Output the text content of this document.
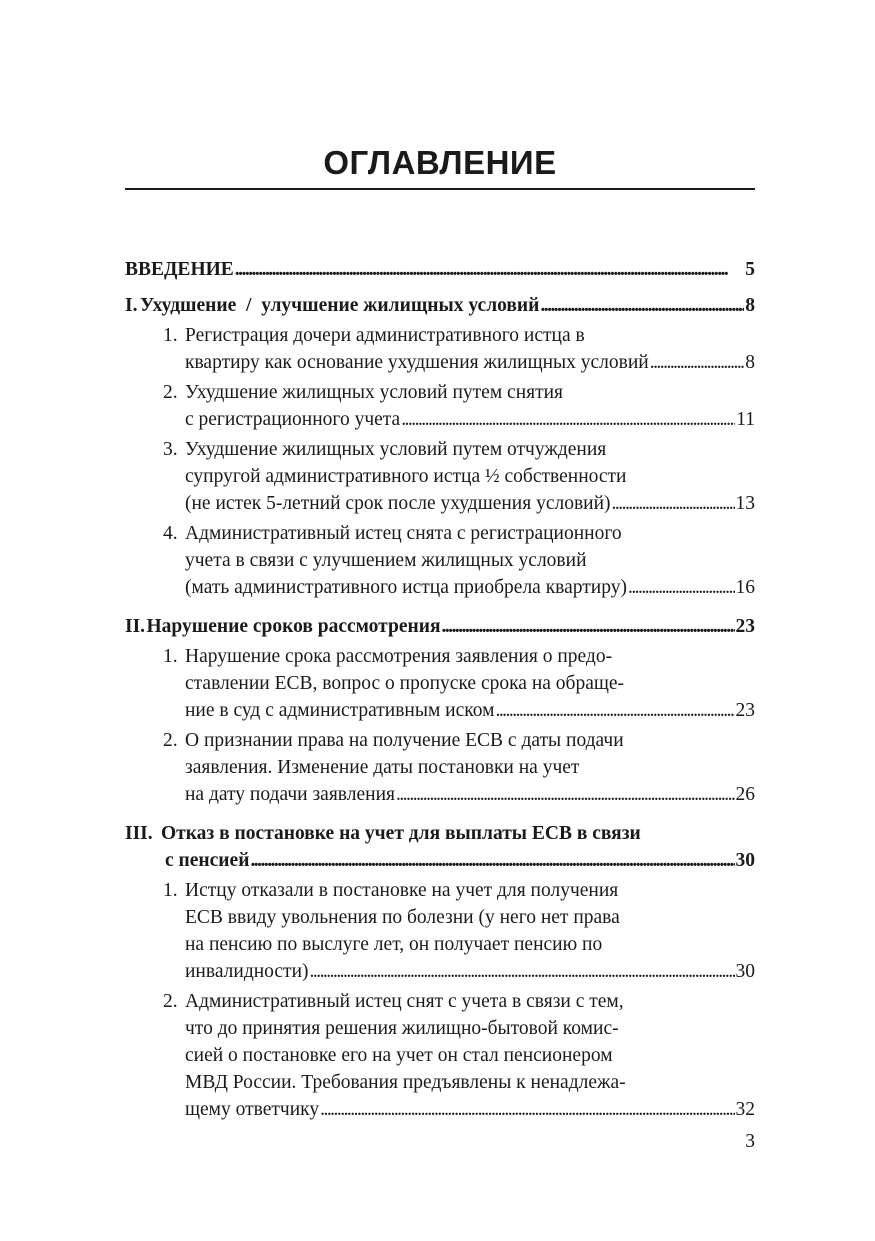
ОГЛАВЛЕНИЕ
ВВЕДЕНИЕ . . .	5
I. Ухудшение  /  улучшение жилищных условий . . .	8
1. Регистрация дочери административного истца в
квартиру как основание ухудшения жилищных условий . . .	8
2. Ухудшение жилищных условий путем снятия
с регистрационного учета . . .	11
3. Ухудшение жилищных условий путем отчуждения
супругой административного истца ½ собственности
(не истек 5-летний срок после ухудшения условий) . . .	13
4. Административный истец снята с регистрационного
учета в связи с улучшением жилищных условий
(мать административного истца приобрела квартиру) . . .	16
II. Нарушение сроков рассмотрения . . .	23
1. Нарушение срока рассмотрения заявления о предо-
ставлении ЕСВ, вопрос о пропуске срока на обраще-
ние в суд с административным иском . . .	23
2. О признании права на получение ЕСВ с даты подачи
заявления. Изменение даты постановки на учет
на дату подачи заявления . . .	26
III. Отказ в постановке на учет для выплаты ЕСВ в связи
с пенсией . . .	30
1. Истцу отказали в постановке на учет для получения
ЕСВ ввиду увольнения по болезни (у него нет права
на пенсию по выслуге лет, он получает пенсию по
инвалидности) . . .	30
2. Административный истец снят с учета в связи с тем,
что до принятия решения жилищно-бытовой комис-
сией о постановке его на учет он стал пенсионером
МВД России. Требования предъявлены к ненадлежа-
щему ответчику . . .	32
3
